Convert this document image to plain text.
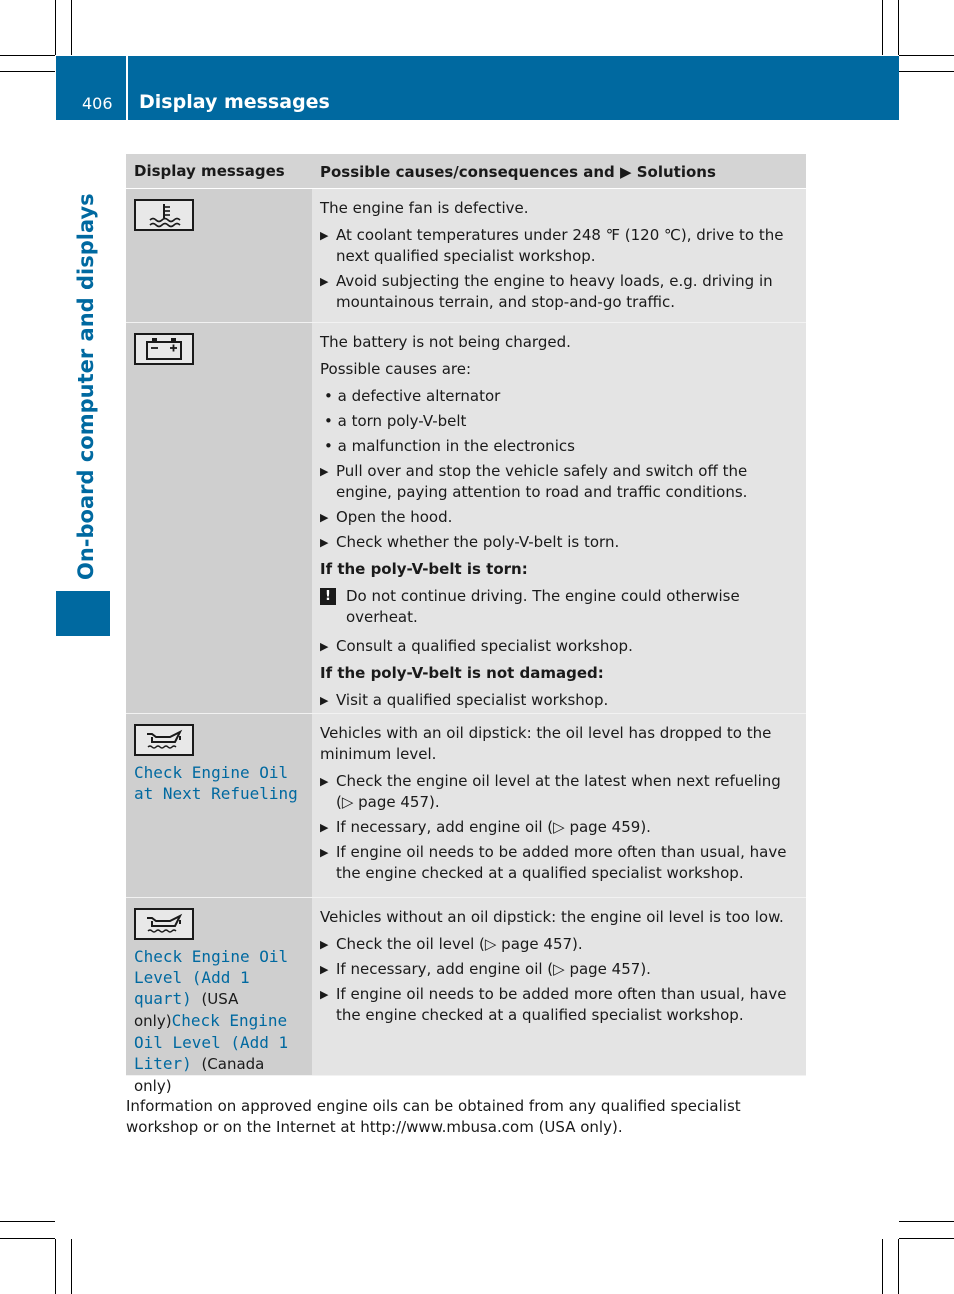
406 Display messages
On-board computer and displays
Display messages	Possible causes/consequences and ▶ Solutions

The engine fan is defective.

▶ At coolant temperatures under 248 ℉ (120 ℃), drive to the next qualified specialist workshop.
▶ Avoid subjecting the engine to heavy loads, e.g. driving in mountainous terrain, and stop-and-go traffic.

The battery is not being charged.

Possible causes are:

• a defective alternator
• a torn poly-V-belt
• a malfunction in the electronics
▶ Pull over and stop the vehicle safely and switch off the engine, paying attention to road and traffic conditions.
▶ Open the hood.
▶ Check whether the poly-V-belt is torn.

If the poly-V-belt is torn:

!	Do not continue driving. The engine could otherwise overheat.
▶ Consult a qualified specialist workshop.

If the poly-V-belt is not damaged:

▶ Visit a qualified specialist workshop.
Check Engine Oil at Next Refueling

Vehicles with an oil dipstick: the oil level has dropped to the minimum level.

▶ Check the engine oil level at the latest when next refueling (▷ page 457).
▶ If necessary, add engine oil (▷ page 459).
▶ If engine oil needs to be added more often than usual, have the engine checked at a qualified specialist workshop.
Check Engine Oil Level (Add 1 quart) (USA only)Check Engine Oil Level (Add 1 Liter) (Canada only)

Vehicles without an oil dipstick: the engine oil level is too low.

▶ Check the oil level (▷ page 457).
▶ If necessary, add engine oil (▷ page 457).
▶ If engine oil needs to be added more often than usual, have the engine checked at a qualified specialist workshop.
Information on approved engine oils can be obtained from any qualified specialist workshop or on the Internet at http://www.mbusa.com (USA only).
